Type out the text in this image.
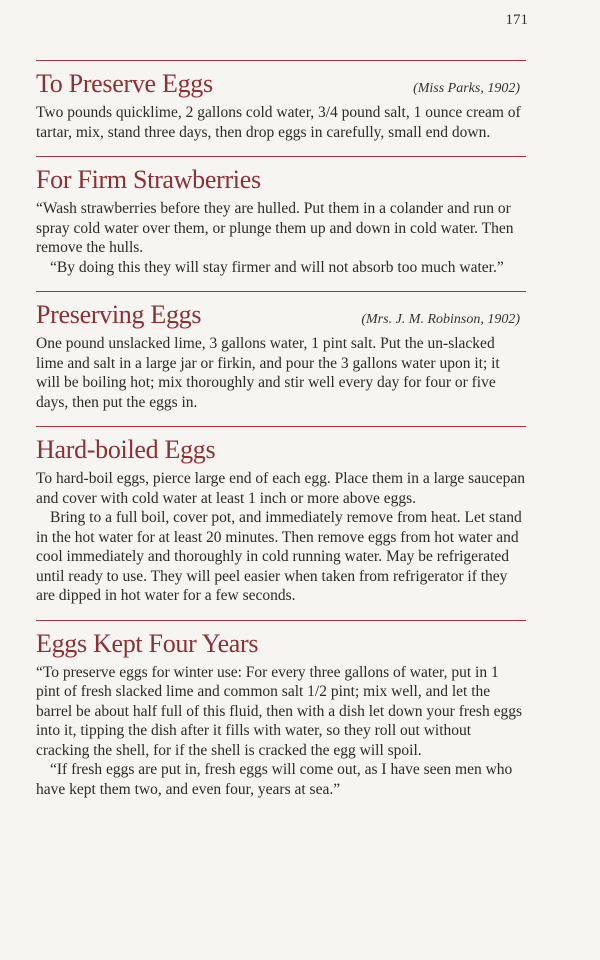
171
To Preserve Eggs	(Miss Parks, 1902)

Two pounds quicklime, 2 gallons cold water, 3/4 pound salt, 1 ounce cream of tartar, mix, stand three days, then drop eggs in carefully, small end down.

For Firm Strawberries

“Wash strawberries before they are hulled. Put them in a colander and run or spray cold water over them, or plunge them up and down in cold water. Then remove the hulls.

“By doing this they will stay firmer and will not absorb too much water.”

Preserving Eggs	(Mrs. J. M. Robinson, 1902)

One pound unslacked lime, 3 gallons water, 1 pint salt. Put the un-slacked lime and salt in a large jar or firkin, and pour the 3 gallons water upon it; it will be boiling hot; mix thoroughly and stir well every day for four or five days, then put the eggs in.

Hard-boiled Eggs

To hard-boil eggs, pierce large end of each egg. Place them in a large saucepan and cover with cold water at least 1 inch or more above eggs.

Bring to a full boil, cover pot, and immediately remove from heat. Let stand in the hot water for at least 20 minutes. Then remove eggs from hot water and cool immediately and thoroughly in cold running water. May be refrigerated until ready to use. They will peel easier when taken from refrigerator if they are dipped in hot water for a few seconds.

Eggs Kept Four Years

“To preserve eggs for winter use: For every three gallons of water, put in 1 pint of fresh slacked lime and common salt 1/2 pint; mix well, and let the barrel be about half full of this fluid, then with a dish let down your fresh eggs into it, tipping the dish after it fills with water, so they roll out without cracking the shell, for if the shell is cracked the egg will spoil.

“If fresh eggs are put in, fresh eggs will come out, as I have seen men who have kept them two, and even four, years at sea.”
